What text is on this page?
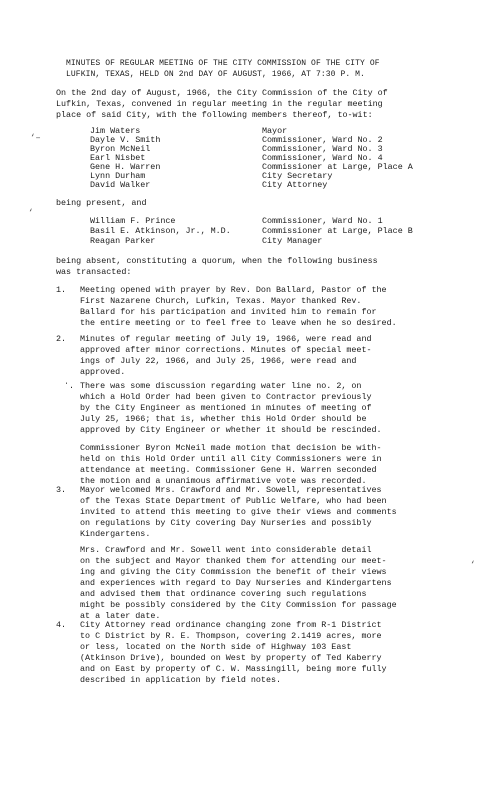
‘–
‘
‘
MINUTES OF REGULAR MEETING OF THE CITY COMMISSION OF THE CITY OF
LUFKIN, TEXAS, HELD ON 2nd DAY OF AUGUST, 1966, AT 7:30 P. M.
On the 2nd day of August, 1966, the City Commission of the City of
Lufkin, Texas, convened in regular meeting in the regular meeting
place of said City, with the following members thereof, to-wit:
Jim Waters	Mayor
Dayle V. Smith	Commissioner, Ward No. 2
Byron McNeil	Commissioner, Ward No. 3
Earl Nisbet	Commissioner, Ward No. 4
Gene H. Warren	Commissioner at Large, Place A
Lynn Durham	City Secretary
David Walker	City Attorney
being present, and
William F. Prince	Commissioner, Ward No. 1
Basil E. Atkinson, Jr., M.D.	Commissioner at Large, Place B
Reagan Parker	City Manager
being absent, constituting a quorum, when the following business
was transacted:
1. Meeting opened with prayer by Rev. Don Ballard, Pastor of the
First Nazarene Church, Lufkin, Texas. Mayor thanked Rev.
Ballard for his participation and invited him to remain for
the entire meeting or to feel free to leave when he so desired.
2. Minutes of regular meeting of July 19, 1966, were read and
approved after minor corrections. Minutes of special meet-
ings of July 22, 1966, and July 25, 1966, were read and
approved.
ʻ. There was some discussion regarding water line no. 2, on
which a Hold Order had been given to Contractor previously
by the City Engineer as mentioned in minutes of meeting of
July 25, 1966; that is, whether this Hold Order should be
approved by City Engineer or whether it should be rescinded.
Commissioner Byron McNeil made motion that decision be with-
held on this Hold Order until all City Commissioners were in
attendance at meeting. Commissioner Gene H. Warren seconded
the motion and a unanimous affirmative vote was recorded.
3. Mayor welcomed Mrs. Crawford and Mr. Sowell, representatives
of the Texas State Department of Public Welfare, who had been
invited to attend this meeting to give their views and comments
on regulations by City covering Day Nurseries and possibly
Kindergartens.
Mrs. Crawford and Mr. Sowell went into considerable detail
on the subject and Mayor thanked them for attending our meet-
ing and giving the City Commission the benefit of their views
and experiences with regard to Day Nurseries and Kindergartens
and advised them that ordinance covering such regulations
might be possibly considered by the City Commission for passage
at a later date.
4. City Attorney read ordinance changing zone from R-1 District
to C District by R. E. Thompson, covering 2.1419 acres, more
or less, located on the North side of Highway 103 East
(Atkinson Drive), bounded on West by property of Ted Kaberry
and on East by property of C. W. Massingill, being more fully
described in application by field notes.
